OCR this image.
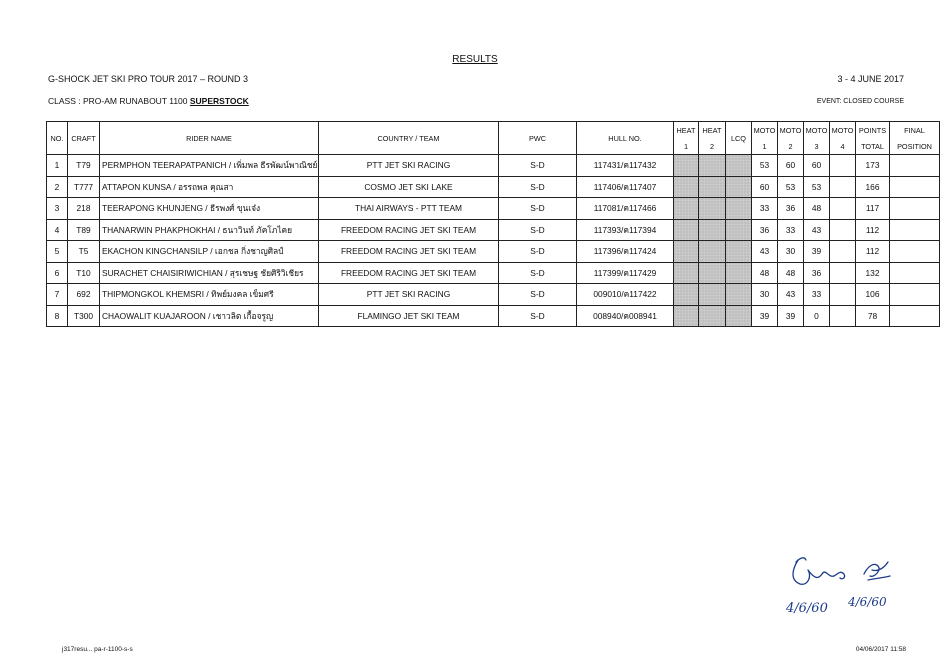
RESULTS
G-SHOCK JET SKI PRO TOUR 2017 – ROUND 3	3 - 4 JUNE 2017
CLASS : PRO-AM RUNABOUT 1100 SUPERSTOCK	EVENT: CLOSED COURSE
NO.	CRAFT	RIDER NAME	COUNTRY / TEAM	PWC	HULL NO.	HEAT	HEAT	LCQ	MOTO	MOTO	MOTO	MOTO	POINTS	FINAL
						1	2		1	2	3	4	TOTAL	POSITION
1	T79	PERMPHON TEERAPATPANICH / เพิ่มพล ธีรพัฒน์พาณิชย์	PTT JET SKI RACING	S-D	117431/ค117432				53	60	60		173	
2	T777	ATTAPON KUNSA / อรรถพล คุณสา	COSMO JET SKI LAKE	S-D	117406/ค117407				60	53	53		166	
3	218	TEERAPONG KHUNJENG / ธีรพงศ์ ขุนเจ๋ง	THAI AIRWAYS - PTT TEAM	S-D	117081/ค117466				33	36	48		117	
4	T89	THANARWIN PHAKPHOKHAI / ธนาวินท์ ภัคโภไคย	FREEDOM RACING JET SKI TEAM	S-D	117393/ค117394				36	33	43		112	
5	T5	EKACHON KINGCHANSILP / เอกชล กิ่งชาญศิลป์	FREEDOM RACING JET SKI TEAM	S-D	117396/ค117424				43	30	39		112	
6	T10	SURACHET CHAISIRIWICHIAN / สุรเชษฐ ชัยศิริวิเชียร	FREEDOM RACING JET SKI TEAM	S-D	117399/ค117429				48	48	36		132	
7	692	THIPMONGKOL KHEMSRI / ทิพย์มงคล เข็มศรี	PTT JET SKI RACING	S-D	009010/ค117422				30	43	33		106	
8	T300	CHAOWALIT KUAJAROON / เชาวลิต เกื้อจรูญ	FLAMINGO JET SKI TEAM	S-D	008940/ค008941				39	39	0		78	
4/6/60 4/6/60
j317resu... pa-r-1100-s-s	04/06/2017 11:58
